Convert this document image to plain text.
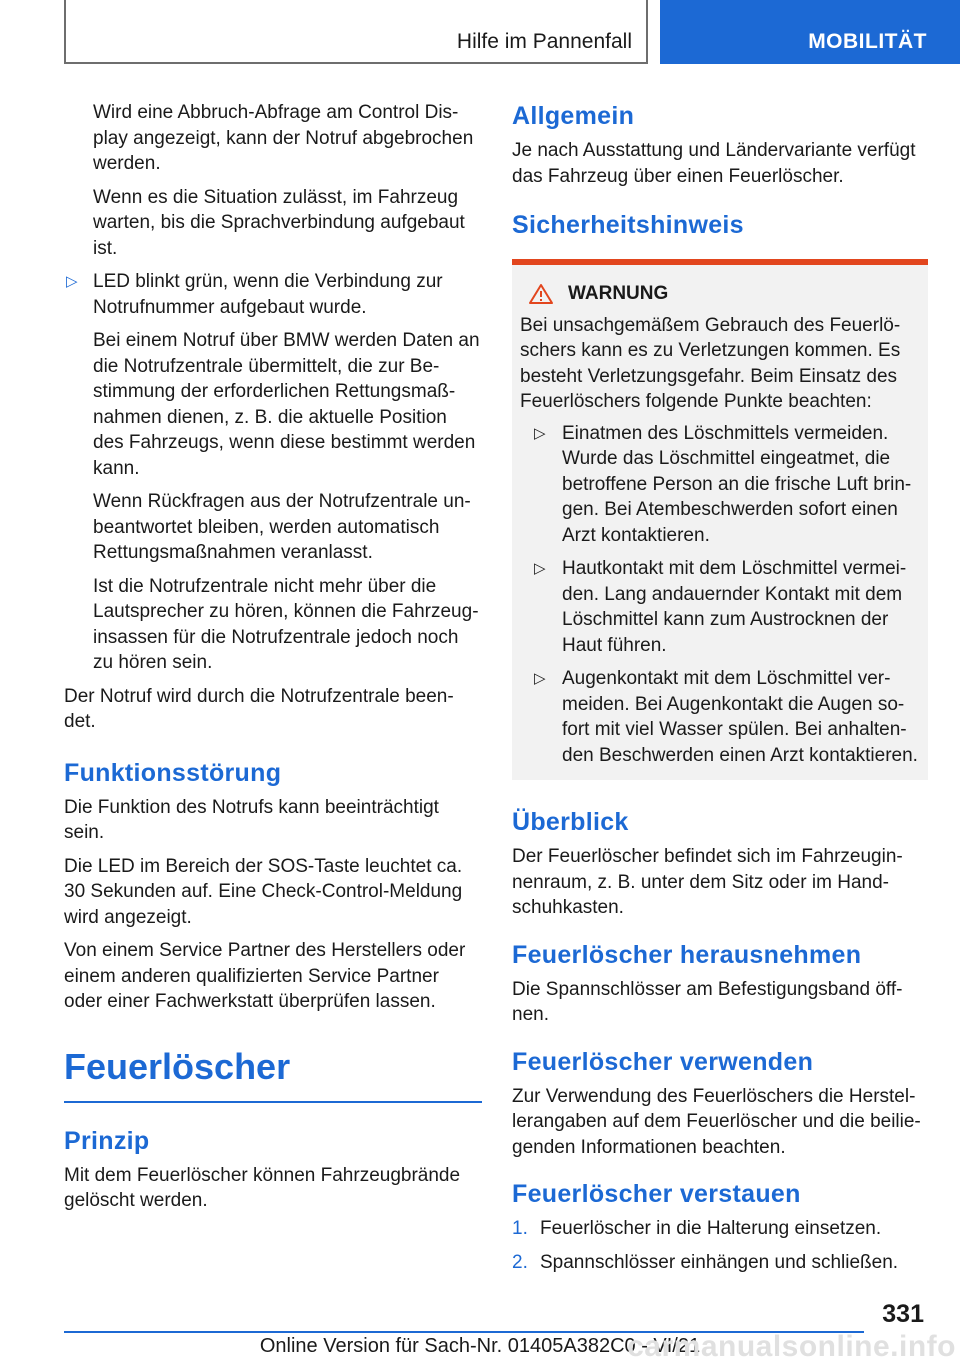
Hilfe im Pannenfall	MOBILITÄT

Wird eine Abbruch-Abfrage am Control Dis-play angezeigt, kann der Notruf abgebrochen werden.

Wenn es die Situation zulässt, im Fahrzeug warten, bis die Sprachverbindung aufgebaut ist.

▷ LED blinkt grün, wenn die Verbindung zur Notrufnummer aufgebaut wurde.

Bei einem Notruf über BMW werden Daten an die Notrufzentrale übermittelt, die zur Be-stimmung der erforderlichen Rettungsmaß-nahmen dienen, z. B. die aktuelle Position des Fahrzeugs, wenn diese bestimmt werden kann.

Wenn Rückfragen aus der Notrufzentrale un-beantwortet bleiben, werden automatisch Rettungsmaßnahmen veranlasst.

Ist die Notrufzentrale nicht mehr über die Lautsprecher zu hören, können die Fahrzeug-insassen für die Notrufzentrale jedoch noch zu hören sein.

Der Notruf wird durch die Notrufzentrale been-det.

Funktionsstörung

Die Funktion des Notrufs kann beeinträchtigt sein.

Die LED im Bereich der SOS-Taste leuchtet ca. 30 Sekunden auf. Eine Check-Control-Meldung wird angezeigt.

Von einem Service Partner des Herstellers oder einem anderen qualifizierten Service Partner oder einer Fachwerkstatt überprüfen lassen.

Feuerlöscher
Prinzip

Mit dem Feuerlöscher können Fahrzeugbrände gelöscht werden.

Allgemein

Je nach Ausstattung und Ländervariante verfügt das Fahrzeug über einen Feuerlöscher.

Sicherheitshinweis
WARNUNG

Bei unsachgemäßem Gebrauch des Feuerlö-schers kann es zu Verletzungen kommen. Es besteht Verletzungsgefahr. Beim Einsatz des Feuerlöschers folgende Punkte beachten:

▷ Einatmen des Löschmittels vermeiden. Wurde das Löschmittel eingeatmet, die betroffene Person an die frische Luft brin-gen. Bei Atembeschwerden sofort einen Arzt kontaktieren.
▷ Hautkontakt mit dem Löschmittel vermei-den. Lang andauernder Kontakt mit dem Löschmittel kann zum Austrocknen der Haut führen.
▷ Augenkontakt mit dem Löschmittel ver-meiden. Bei Augenkontakt die Augen so-fort mit viel Wasser spülen. Bei anhalten-den Beschwerden einen Arzt kontaktieren.
Überblick

Der Feuerlöscher befindet sich im Fahrzeugin-nenraum, z. B. unter dem Sitz oder im Hand-schuhkasten.

Feuerlöscher herausnehmen

Die Spannschlösser am Befestigungsband öff-nen.

Feuerlöscher verwenden

Zur Verwendung des Feuerlöschers die Herstel-lerangaben auf dem Feuerlöscher und die beilie-genden Informationen beachten.

Feuerlöscher verstauen
1. Feuerlöscher in die Halterung einsetzen.
2. Spannschlösser einhängen und schließen.
331
Online Version für Sach-Nr. 01405A382C0 - VI/21
carmanualsonline.info
